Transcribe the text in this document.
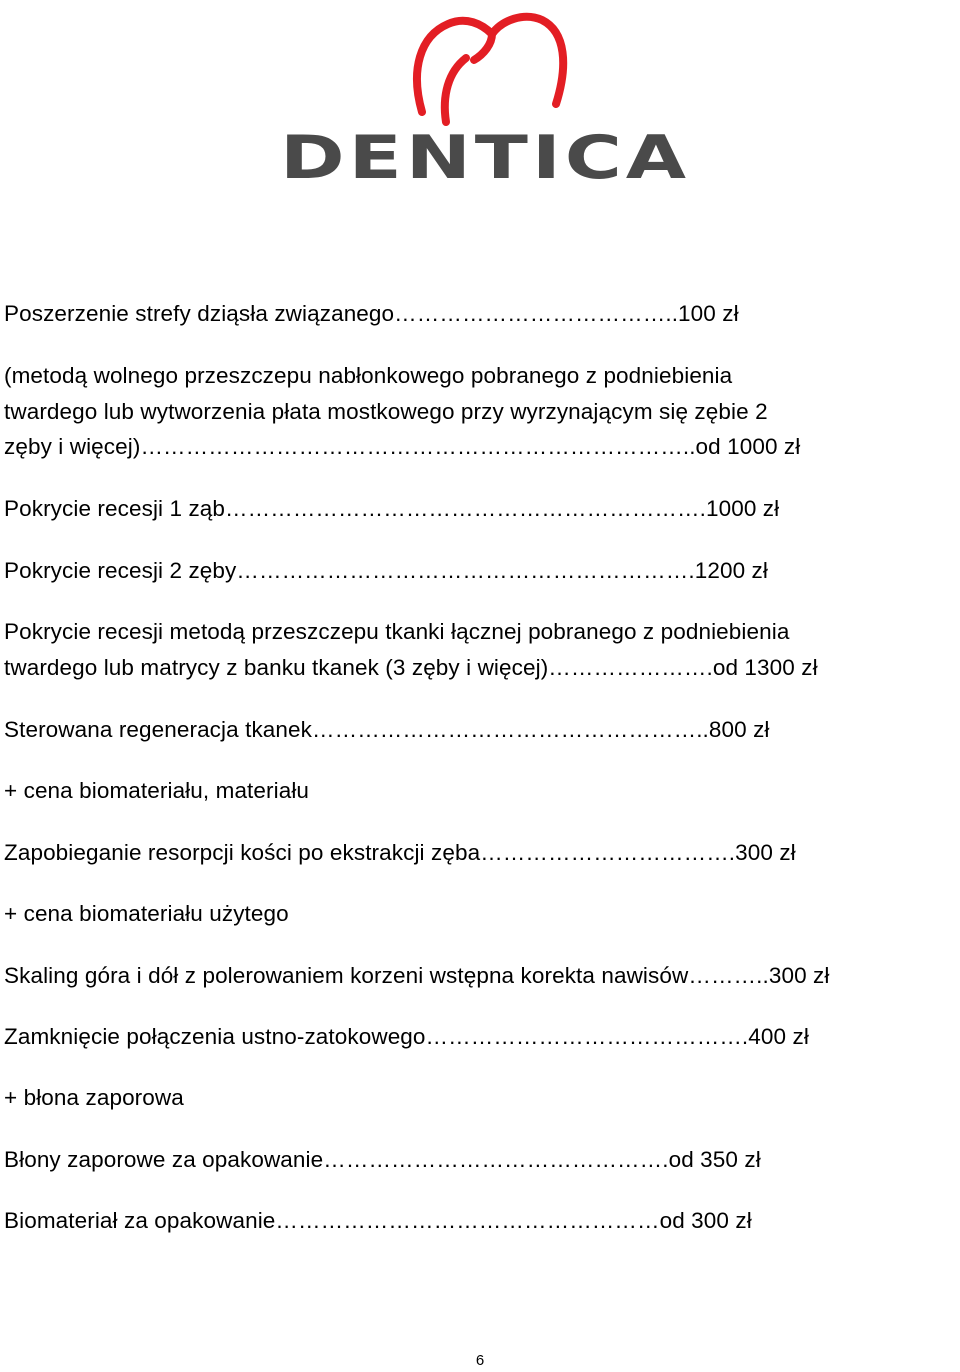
DENTICA
Poszerzenie strefy dziąsła związanego………………………………..100 zł
(metodą wolnego przeszczepu nabłonkowego pobranego z podniebienia
twardego lub wytworzenia płata mostkowego przy wyrzynającym się zębie 2
zęby i więcej)………………………………………………………………..od 1000 zł
Pokrycie recesji 1 ząb……………………………………………………….1000 zł
Pokrycie recesji 2 zęby…………………………………………………….1200 zł
Pokrycie recesji metodą przeszczepu tkanki łącznej pobranego z podniebienia
twardego lub matrycy z banku tkanek (3 zęby i więcej)………………….od 1300 zł
Sterowana regeneracja tkanek……………………………………………..800 zł
+ cena biomateriału, materiału
Zapobieganie resorpcji kości po ekstrakcji zęba…………………………….300 zł
+ cena biomateriału użytego
Skaling góra i dół z polerowaniem korzeni wstępna korekta nawisów………..300 zł
Zamknięcie połączenia ustno-zatokowego…………………………………….400 zł
+ błona zaporowa
Błony zaporowe za opakowanie……………………………………….od 350 zł
Biomateriał za opakowanie……………………………………………od 300 zł
6
